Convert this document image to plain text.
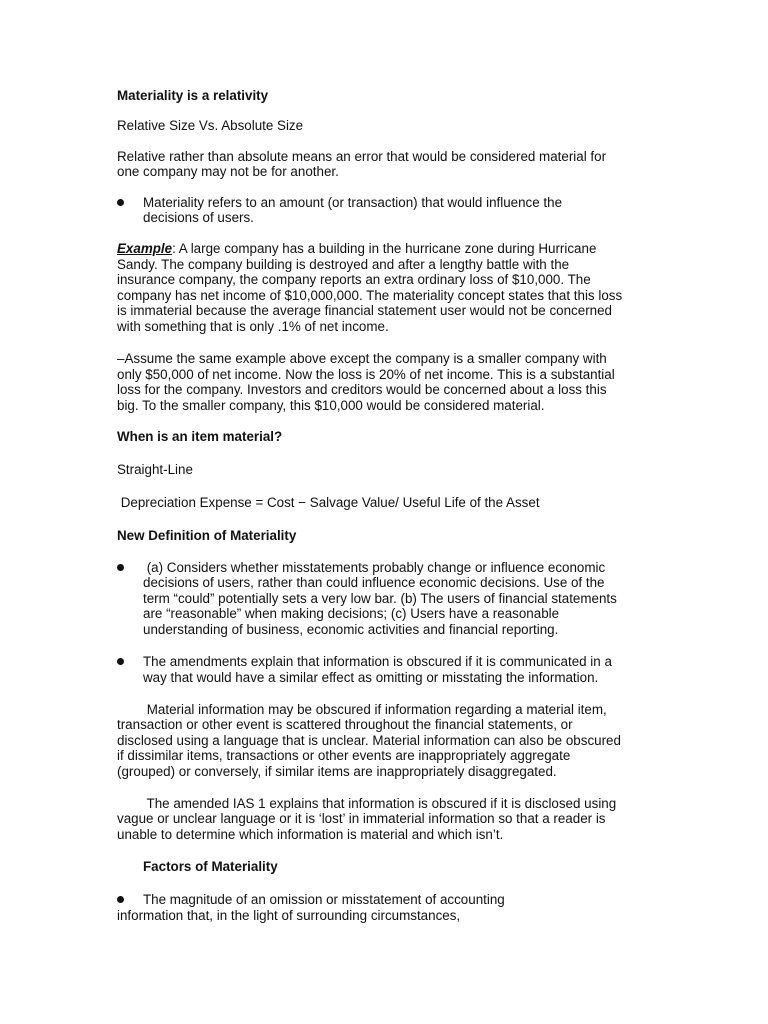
Materiality is a relativity

Relative Size Vs. Absolute Size

Relative rather than absolute means an error that would be considered material for

one company may not be for another.

Materiality refers to an amount (or transaction) that would influence the

decisions of users.

Example: A large company has a building in the hurricane zone during Hurricane

Sandy. The company building is destroyed and after a lengthy battle with the

insurance company, the company reports an extra ordinary loss of $10,000. The

company has net income of $10,000,000. The materiality concept states that this loss

is immaterial because the average financial statement user would not be concerned

with something that is only .1% of net income.

–Assume the same example above except the company is a smaller company with

only $50,000 of net income. Now the loss is 20% of net income. This is a substantial

loss for the company. Investors and creditors would be concerned about a loss this

big. To the smaller company, this $10,000 would be considered material.

When is an item material?

Straight-Line

Depreciation Expense = Cost − Salvage Value/ Useful Life of the Asset

New Definition of Materiality

(a) Considers whether misstatements probably change or influence economic

decisions of users, rather than could influence economic decisions. Use of the

term “could” potentially sets a very low bar. (b) The users of financial statements

are “reasonable” when making decisions; (c) Users have a reasonable

understanding of business, economic activities and financial reporting.

The amendments explain that information is obscured if it is communicated in a

way that would have a similar effect as omitting or misstating the information.

Material information may be obscured if information regarding a material item,

transaction or other event is scattered throughout the financial statements, or

disclosed using a language that is unclear. Material information can also be obscured

if dissimilar items, transactions or other events are inappropriately aggregate

(grouped) or conversely, if similar items are inappropriately disaggregated.

The amended IAS 1 explains that information is obscured if it is disclosed using

vague or unclear language or it is ‘lost’ in immaterial information so that a reader is

unable to determine which information is material and which isn’t.

Factors of Materiality

The magnitude of an omission or misstatement of accounting

information that, in the light of surrounding circumstances,
